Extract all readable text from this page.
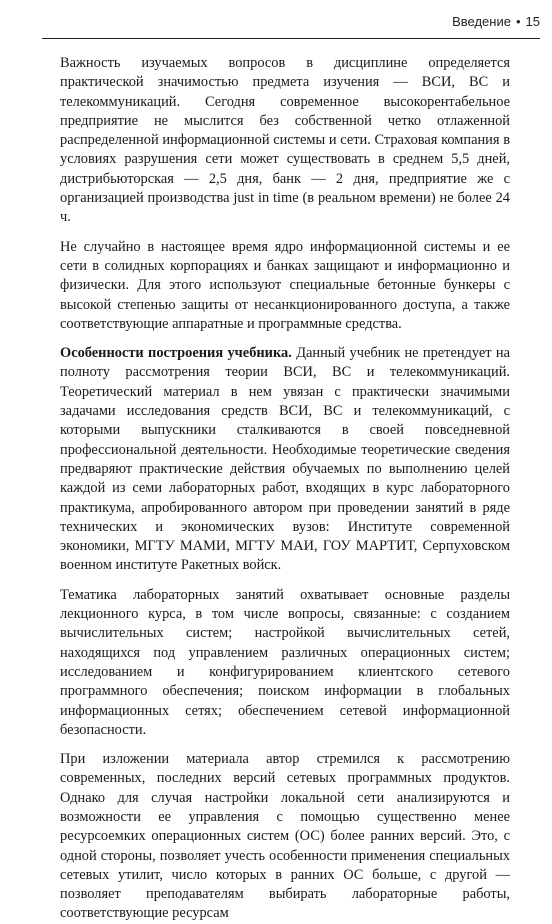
Введение • 15

Важность изучаемых вопросов в дисциплине определяется практической значимостью предмета изучения — ВСИ, ВС и телекоммуникаций. Сегодня современное высокорентабельное предприятие не мыслится без собственной четко отлаженной распределенной информационной системы и сети. Страховая компания в условиях разрушения сети может существовать в среднем 5,5 дней, дистрибьюторская — 2,5 дня, банк — 2 дня, предприятие же с организацией производства just in time (в реальном времени) не более 24 ч.

Не случайно в настоящее время ядро информационной системы и ее сети в солидных корпорациях и банках защищают и информационно и физически. Для этого используют специальные бетонные бункеры с высокой степенью защиты от несанкционированного доступа, а также соответствующие аппаратные и программные средства.

Особенности построения учебника. Данный учебник не претендует на полноту рассмотрения теории ВСИ, ВС и телекоммуникаций. Теоретический материал в нем увязан с практически значимыми задачами исследования средств ВСИ, ВС и телекоммуникаций, с которыми выпускники сталкиваются в своей повседневной профессиональной деятельности. Необходимые теоретические сведения предваряют практические действия обучаемых по выполнению целей каждой из семи лабораторных работ, входящих в курс лабораторного практикума, апробированного автором при проведении занятий в ряде технических и экономических вузов: Институте современной экономики, МГТУ МАМИ, МГТУ МАИ, ГОУ МАРТИТ, Серпуховском военном институте Ракетных войск.

Тематика лабораторных занятий охватывает основные разделы лекционного курса, в том числе вопросы, связанные: с созданием вычислительных систем; настройкой вычислительных сетей, находящихся под управлением различных операционных систем; исследованием и конфигурированием клиентского сетевого программного обеспечения; поиском информации в глобальных информационных сетях; обеспечением сетевой информационной безопасности.

При изложении материала автор стремился к рассмотрению современных, последних версий сетевых программных продуктов. Однако для случая настройки локальной сети анализируются и возможности ее управления с помощью существенно менее ресурсоемких операционных систем (ОС) более ранних версий. Это, с одной стороны, позволяет учесть особенности применения специальных сетевых утилит, число которых в ранних ОС больше, с другой — позволяет преподавателям выбирать лабораторные работы, соответствующие ресурсам
